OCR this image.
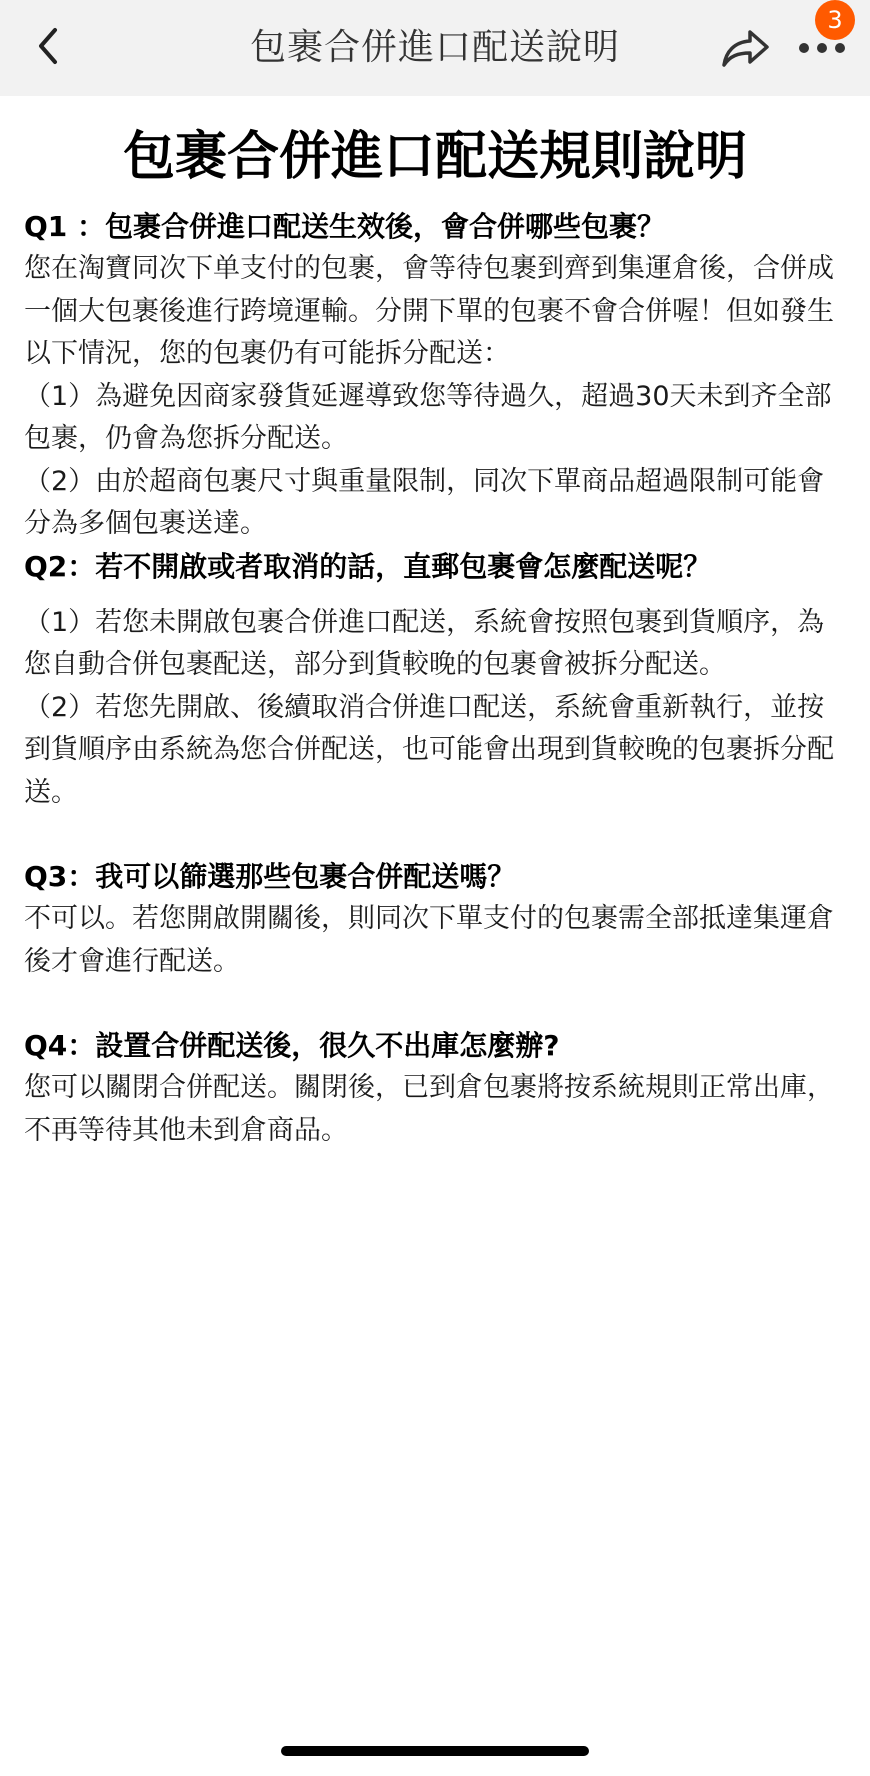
包裹合併進口配送說明
3
包裹合併進口配送規則說明

Q1 ：包裹合併進口配送生效後，會合併哪些包裹？

您在淘寶同次下单支付的包裹，會等待包裹到齊到集運倉後，合併成一個大包裹後進行跨境運輸。分開下單的包裹不會合併喔！但如發生以下情況，您的包裹仍有可能拆分配送：

（1）為避免因商家發貨延遲導致您等待過久，超過30天未到齐全部包裹，仍會為您拆分配送。

（2）由於超商包裹尺寸與重量限制，同次下單商品超過限制可能會分為多個包裹送達。

Q2：若不開啟或者取消的話，直郵包裹會怎麼配送呢？

（1）若您未開啟包裹合併進口配送，系統會按照包裹到貨順序，為您自動合併包裹配送，部分到貨較晚的包裹會被拆分配送。

（2）若您先開啟、後續取消合併進口配送，系統會重新執行，並按到貨順序由系統為您合併配送，也可能會出現到貨較晚的包裹拆分配送。

Q3：我可以篩選那些包裹合併配送嗎？

不可以。若您開啟開關後，則同次下單支付的包裹需全部抵達集運倉後才會進行配送。

Q4：設置合併配送後，很久不出庫怎麼辦?

您可以關閉合併配送。關閉後，已到倉包裹將按系統規則正常出庫，不再等待其他未到倉商品。
